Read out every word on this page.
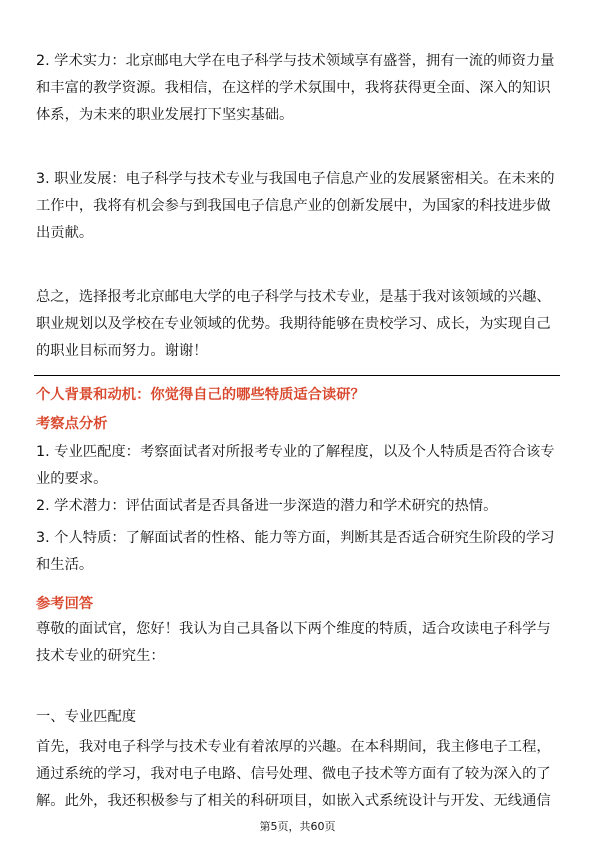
2. 学术实力：北京邮电大学在电子科学与技术领域享有盛誉，拥有一流的师资力量
和丰富的教学资源。我相信，在这样的学术氛围中，我将获得更全面、深入的知识
体系，为未来的职业发展打下坚实基础。

3. 职业发展：电子科学与技术专业与我国电子信息产业的发展紧密相关。在未来的
工作中，我将有机会参与到我国电子信息产业的创新发展中，为国家的科技进步做
出贡献。

总之，选择报考北京邮电大学的电子科学与技术专业，是基于我对该领域的兴趣、
职业规划以及学校在专业领域的优势。我期待能够在贵校学习、成长，为实现自己
的职业目标而努力。谢谢！

个人背景和动机：你觉得自己的哪些特质适合读研？

考察点分析

1. 专业匹配度：考察面试者对所报考专业的了解程度，以及个人特质是否符合该专
业的要求。

2. 学术潜力：评估面试者是否具备进一步深造的潜力和学术研究的热情。

3. 个人特质：了解面试者的性格、能力等方面，判断其是否适合研究生阶段的学习
和生活。

参考回答

尊敬的面试官，您好！我认为自己具备以下两个维度的特质，适合攻读电子科学与
技术专业的研究生：

一、专业匹配度

首先，我对电子科学与技术专业有着浓厚的兴趣。在本科期间，我主修电子工程，
通过系统的学习，我对电子电路、信号处理、微电子技术等方面有了较为深入的了
解。此外，我还积极参与了相关的科研项目，如嵌入式系统设计与开发、无线通信

第5页，共60页
